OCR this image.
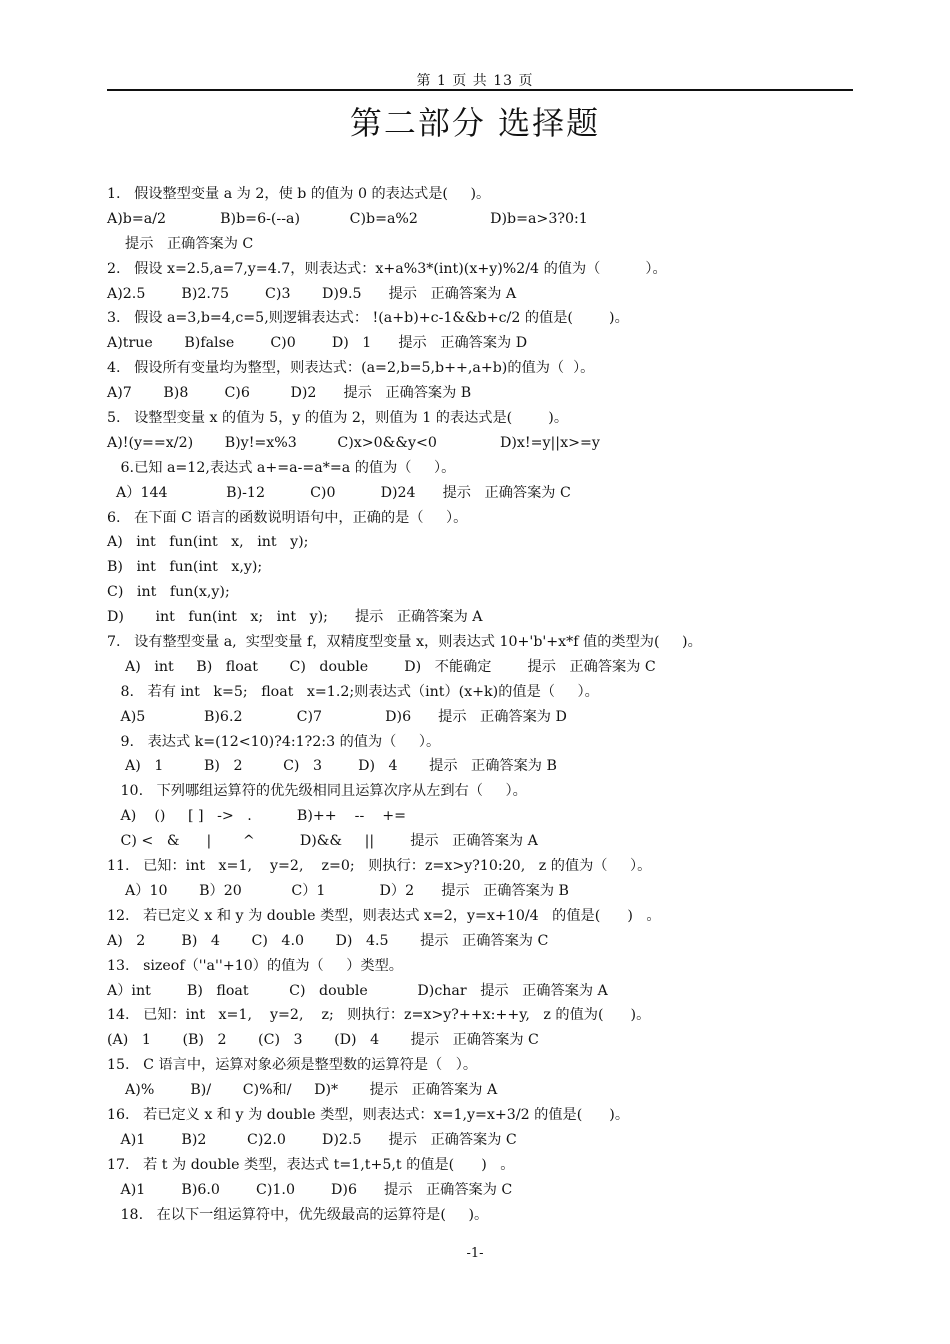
第 1 页 共 13 页
第二部分 选择题
1.   假设整型变量 a 为 2，使 b 的值为 0 的表达式是(     )。
A)b=a/2            B)b=6-(--a)           C)b=a%2                D)b=a>3?0:1
提示   正确答案为 C
2.   假设 x=2.5,a=7,y=4.7，则表达式：x+a%3*(int)(x+y)%2/4 的值为（          ）。
A)2.5        B)2.75        C)3       D)9.5      提示   正确答案为 A
3.   假设 a=3,b=4,c=5,则逻辑表达式： !(a+b)+c-1&&b+c/2 的值是(        )。
A)true       B)false        C)0        D)   1      提示   正确答案为 D
4.   假设所有变量均为整型，则表达式：(a=2,b=5,b++,a+b)的值为（  ）。
A)7       B)8        C)6         D)2      提示   正确答案为 B
5.   设整型变量 x 的值为 5，y 的值为 2，则值为 1 的表达式是(        )。
A)!(y==x/2)       B)y!=x%3         C)x>0&&y<0              D)x!=y||x>=y
6.已知 a=12,表达式 a+=a-=a*=a 的值为（     ）。
A）144             B)-12          C)0          D)24      提示   正确答案为 C
6.   在下面 C 语言的函数说明语句中，正确的是（     ）。
A)   int   fun(int   x,   int   y);
B)   int   fun(int   x,y);
C)   int   fun(x,y);
D)       int   fun(int   x;   int   y);      提示   正确答案为 A
7.   设有整型变量 a,  实型变量 f，双精度型变量 x，则表达式 10+'b'+x*f 值的类型为(     )。
A)   int     B)   float       C)   double        D)   不能确定        提示   正确答案为 C
8.   若有 int   k=5;   float   x=1.2;则表达式（int）(x+k)的值是（     ）。
A)5             B)6.2            C)7              D)6      提示   正确答案为 D
9.   表达式 k=(12<10)?4:1?2:3 的值为（     ）。
A)   1         B)   2         C)   3        D)   4       提示   正确答案为 B
10.   下列哪组运算符的优先级相同且运算次序从左到右（     ）。
A)    ()     [ ]   ->   .          B)++    --    +=
C) <   &      |       ^          D)&&     ||        提示   正确答案为 A
11.   已知：int   x=1,    y=2,    z=0;   则执行：z=x>y?10:20,   z 的值为（     ）。
A）10       B）20           C）1            D）2      提示   正确答案为 B
12.   若已定义 x 和 y 为 double 类型，则表达式 x=2，y=x+10/4   的值是(      )   。
A)   2        B)   4       C)   4.0       D)   4.5       提示   正确答案为 C
13.   sizeof（''a''+10）的值为（     ）类型。
A）int        B)   float         C)   double           D)char   提示   正确答案为 A
14.   已知：int   x=1,    y=2,    z;   则执行：z=x>y?++x:++y,   z 的值为(      )。
(A)   1       (B)   2       (C)   3       (D)   4       提示   正确答案为 C
15.   C 语言中，运算对象必须是整型数的运算符是（   ）。
A)%        B)/       C)%和/     D)*       提示   正确答案为 A
16.   若已定义 x 和 y 为 double 类型，则表达式：x=1,y=x+3/2 的值是(      )。
A)1        B)2         C)2.0        D)2.5      提示   正确答案为 C
17.   若 t 为 double 类型，表达式 t=1,t+5,t 的值是(      )   。
A)1        B)6.0        C)1.0        D)6      提示   正确答案为 C
18.   在以下一组运算符中，优先级最高的运算符是(     )。
-1-
